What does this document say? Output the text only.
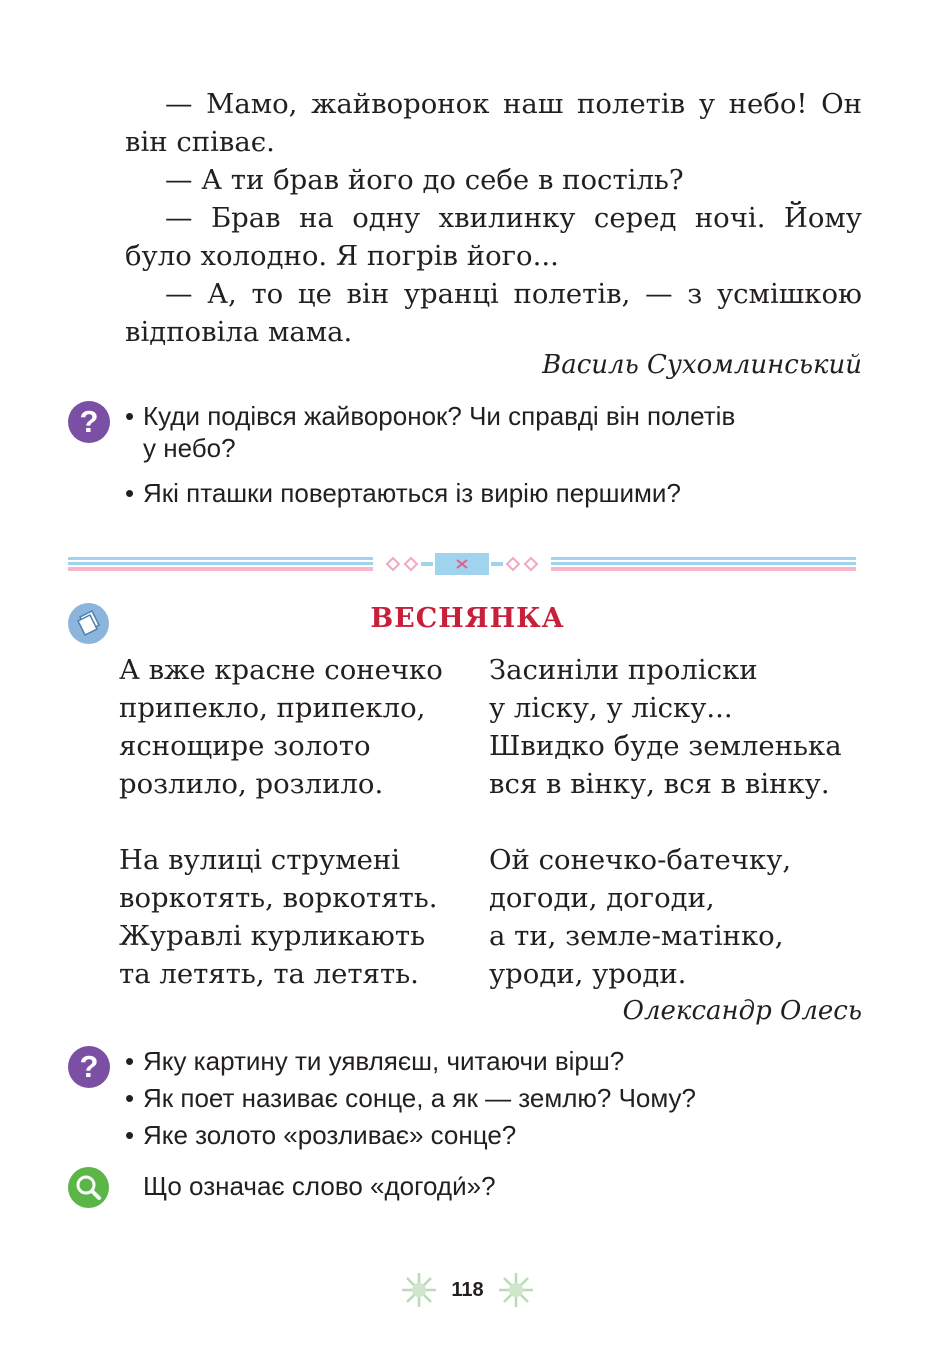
— Мамо, жайворонок наш полетів у небо! Он він співає.

— А ти брав його до себе в постіль?

— Брав на одну хвилинку серед ночі. Йому було холодно. Я погрів його...

— А, то це він уранці полетів, — з усмішкою відповіла мама.

Василь Сухомлинський
?	• Куди подівся жайворонок? Чи справді він полетів
у небо?
• Які пташки повертаються із вирію першими?
ВЕСНЯНКА
А вже красне сонечко
припекло, припекло,
яснощире золото
розлило, розлило.
На вулиці струмені
воркотять, воркотять.
Журавлі курликають
та летять, та летять.
Засиніли проліски
у ліску, у ліску...
Швидко буде земленька
вся в вінку, вся в вінку.
Ой сонечко-батечку,
догоди, догоди,
а ти, земле-матінко,
уроди, уроди.
Олександр Олесь
?	• Яку картину ти уявляєш, читаючи вірш?
• Як поет називає сонце, а як — землю? Чому?
• Яке золото «розливає» сонце?
Що означає слово «догоди́»?
118
